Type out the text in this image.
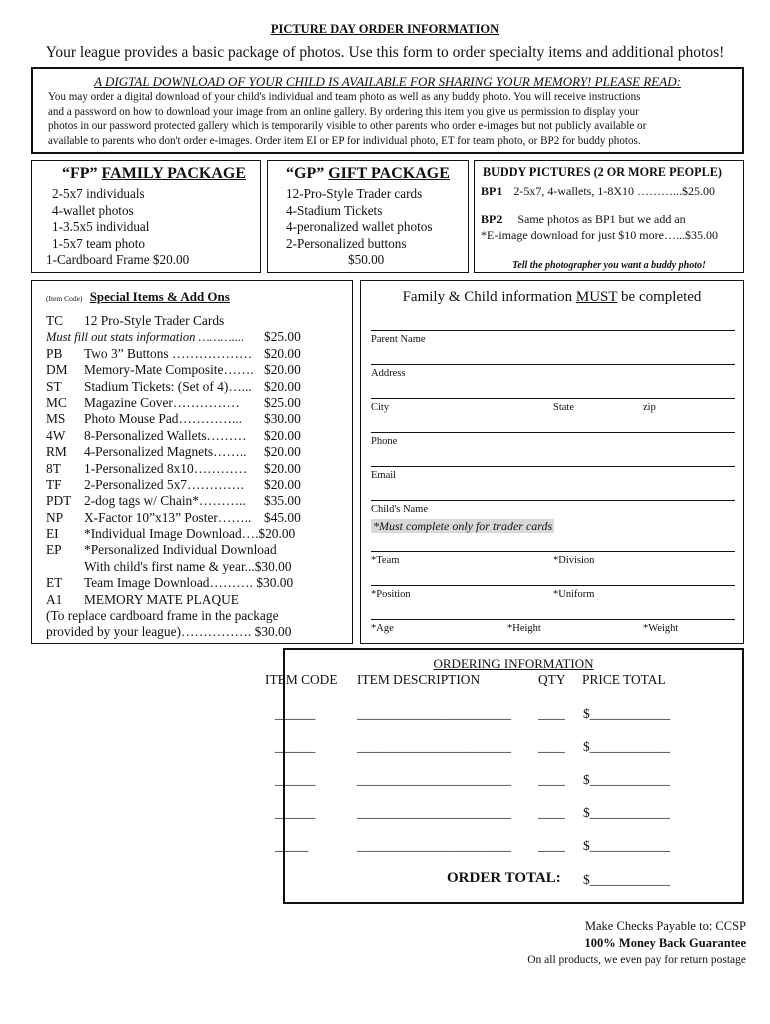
PICTURE DAY ORDER INFORMATION
Your league provides a basic package of photos. Use this form to order specialty items and additional photos!
A DIGTAL DOWNLOAD OF YOUR CHILD IS AVAILABLE FOR SHARING YOUR MEMORY! PLEASE READ:
You may order a digital download of your child's individual and team photo as well as any buddy photo. You will receive instructions
and a password on how to download your image from an online gallery. By ordering this item you give us permission to display your
photos in our password protected gallery which is temporarily visible to other parents who order e-images but not publicly available or
available to parents who don't order e-images. Order item EI or EP for individual photo, ET for team photo, or BP2 for buddy photos.
“FP” FAMILY PACKAGE
2-5x7 individuals
4-wallet photos
1-3.5x5 individual
1-5x7 team photo
1-Cardboard Frame $20.00
“GP” GIFT PACKAGE
12-Pro-Style Trader cards
4-Stadium Tickets
4-peronalized wallet photos
2-Personalized buttons
$50.00
BUDDY PICTURES (2 OR MORE PEOPLE)
BP1 2-5x7, 4-wallets, 1-8X10 ………...$25.00
BP2 Same photos as BP1 but we add an
*E-image download for just $10 more…...$35.00
Tell the photographer you want a buddy photo!
(Item Code) Special Items & Add Ons
TC 12 Pro-Style Trader Cards
Must fill out stats information ……….... $25.00
PB Two 3” Buttons ……………… $20.00
DM Memory-Mate Composite……. $20.00
ST Stadium Tickets: (Set of 4)…... $20.00
MC Magazine Cover…………… $25.00
MS Photo Mouse Pad…………... $30.00
4W 8-Personalized Wallets……… $20.00
RM 4-Personalized Magnets…….. $20.00
8T 1-Personalized 8x10………… $20.00
TF 2-Personalized 5x7…………. $20.00
PDT 2-dog tags w/ Chain*……….. $35.00
NP X-Factor 10”x13” Poster…….. $45.00
EI *Individual Image Download….$20.00
EP *Personalized Individual Download
With child's first name & year...$30.00
ET Team Image Download………. $30.00
A1 MEMORY MATE PLAQUE
(To replace cardboard frame in the package
provided by your league)……………. $30.00
Family & Child information MUST be completed
Parent Name
Address
City	State	zip
Phone
Email
Child's Name
*Must complete only for trader cards
*Team	*Division
*Position	*Uniform
*Age	*Height	*Weight
ORDERING INFORMATION
ITEM CODE ITEM DESCRIPTION	QTY PRICE TOTAL
______	_______________________ ____ $____________
______	_______________________ ____ $____________
______	_______________________ ____ $____________
______	_______________________ ____ $____________
_____	_______________________ ____ $____________
ORDER TOTAL: $____________
Make Checks Payable to: CCSP
100% Money Back Guarantee
On all products, we even pay for return postage
